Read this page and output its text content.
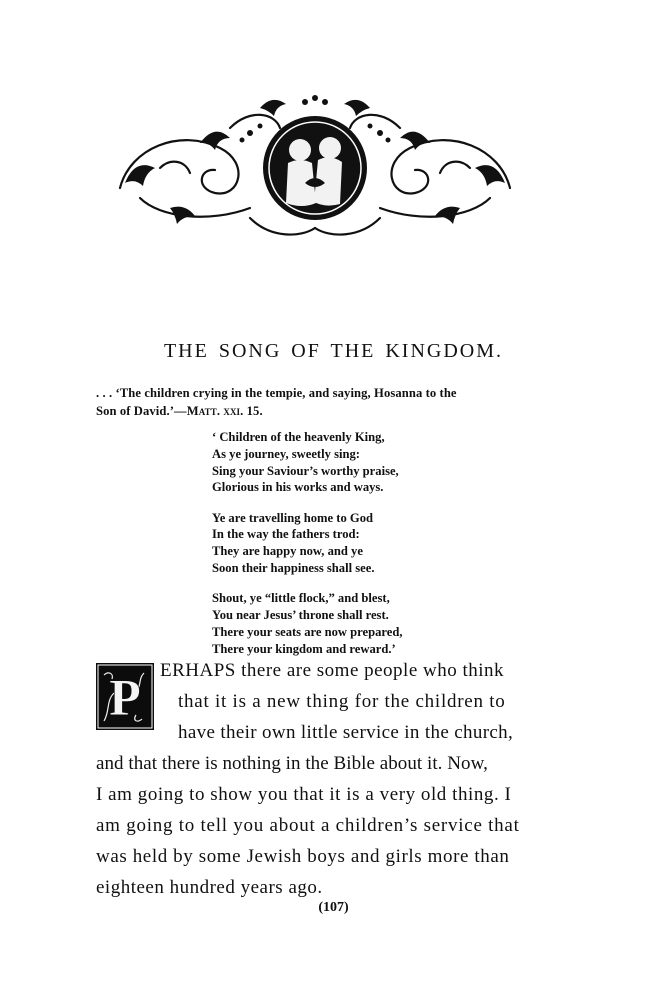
THE SONG OF THE KINGDOM.
. . . ‘The children crying in the tempie, and saying, Hosanna to the
Son of David.’—Matt. xxi. 15.
‘ Children of the heavenly King,
As ye journey, sweetly sing:
Sing your Saviour’s worthy praise,
Glorious in his works and ways.
Ye are travelling home to God
In the way the fathers trod:
They are happy now, and ye
Soon their happiness shall see.
Shout, ye “little flock,” and blest,
You near Jesus’ throne shall rest.
There your seats are now prepared,
There your kingdom and reward.’
P ERHAPS there are some people who think
that it is a new thing for the children to
have their own little service in the church,
and that there is nothing in the Bible about it. Now,
I am going to show you that it is a very old thing. I
am going to tell you about a children’s service that
was held by some Jewish boys and girls more than
eighteen hundred years ago.
(107)
